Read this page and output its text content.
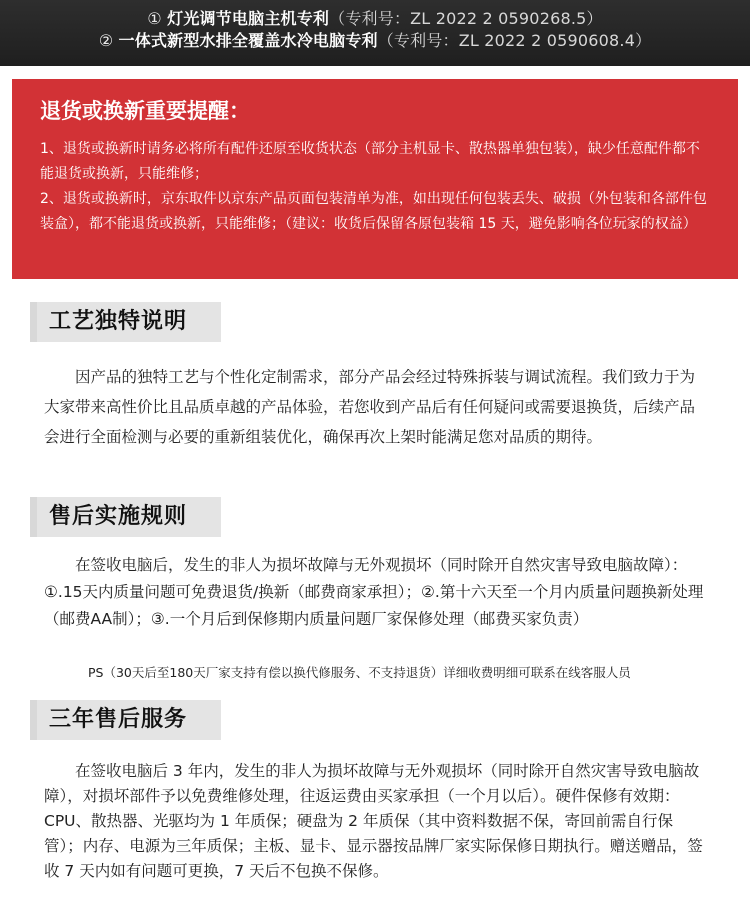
① 灯光调节电脑主机专利（专利号：ZL 2022 2 0590268.5）
② 一体式新型水排全覆盖水冷电脑专利（专利号：ZL 2022 2 0590608.4）
退货或换新重要提醒：
1、退货或换新时请务必将所有配件还原至收货状态（部分主机显卡、散热器单独包装），缺少任意配件都不能退货或换新，只能维修；
2、退货或换新时，京东取件以京东产品页面包装清单为准，如出现任何包装丢失、破损（外包装和各部件包装盒），都不能退货或换新，只能维修；（建议：收货后保留各原包装箱 15 天，避免影响各位玩家的权益）
工艺独特说明
因产品的独特工艺与个性化定制需求，部分产品会经过特殊拆装与调试流程。我们致力于为大家带来高性价比且品质卓越的产品体验，若您收到产品后有任何疑问或需要退换货，后续产品会进行全面检测与必要的重新组装优化，确保再次上架时能满足您对品质的期待。
售后实施规则
在签收电脑后，发生的非人为损坏故障与无外观损坏（同时除开自然灾害导致电脑故障）：①.15天内质量问题可免费退货/换新（邮费商家承担）；②.第十六天至一个月内质量问题换新处理（邮费AA制）；③.一个月后到保修期内质量问题厂家保修处理（邮费买家负责）
PS（30天后至180天厂家支持有偿以换代修服务、不支持退货）详细收费明细可联系在线客服人员
三年售后服务
在签收电脑后 3 年内，发生的非人为损坏故障与无外观损坏（同时除开自然灾害导致电脑故障），对损坏部件予以免费维修处理，往返运费由买家承担（一个月以后）。硬件保修有效期：CPU、散热器、光驱均为 1 年质保；硬盘为 2 年质保（其中资料数据不保，寄回前需自行保管）；内存、电源为三年质保；主板、显卡、显示器按品牌厂家实际保修日期执行。赠送赠品，签收 7 天内如有问题可更换，7 天后不包换不保修。
